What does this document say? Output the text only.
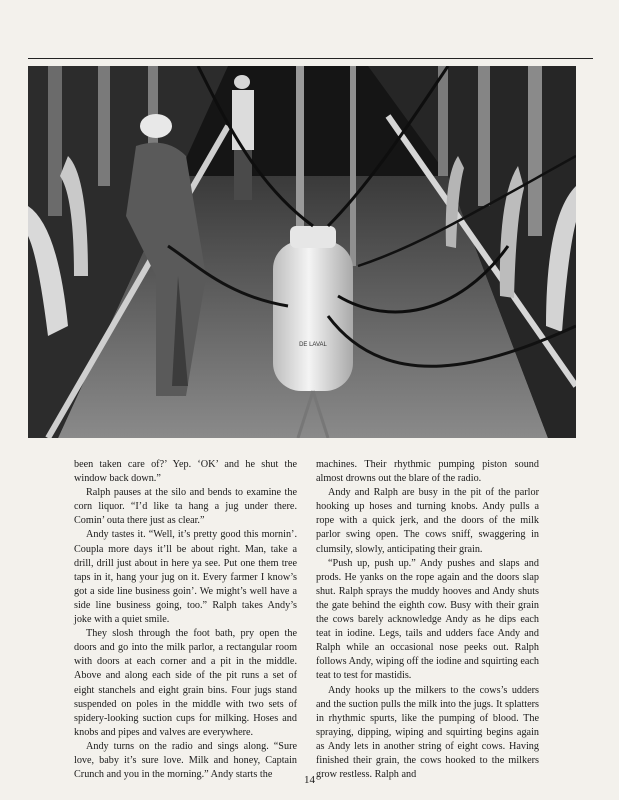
DE LAVAL

been taken care of?’ Yep. ‘OK’ and he shut the window back down.”

Ralph pauses at the silo and bends to examine the corn liquor. “I’d like ta hang a jug under there. Comin’ outa there just as clear.”

Andy tastes it. “Well, it’s pretty good this mornin’. Coupla more days it’ll be about right. Man, take a drill, drill just about in here ya see. Put one them tree taps in it, hang your jug on it. Every farmer I know’s got a side line business goin’. We might’s well have a side line business going, too.” Ralph takes Andy’s joke with a quiet smile.

They slosh through the foot bath, pry open the doors and go into the milk parlor, a rectangular room with doors at each corner and a pit in the middle. Above and along each side of the pit runs a set of eight stanchels and eight grain bins. Four jugs stand suspended on poles in the middle with two sets of spidery-looking suction cups for milking. Hoses and knobs and pipes and valves are everywhere.

Andy turns on the radio and sings along. “Sure love, baby it’s sure love. Milk and honey, Captain Crunch and you in the morning.” Andy starts the

machines. Their rhythmic pumping piston sound almost drowns out the blare of the radio.

Andy and Ralph are busy in the pit of the parlor hooking up hoses and turning knobs. Andy pulls a rope with a quick jerk, and the doors of the milk parlor swing open. The cows sniff, swaggering in clumsily, slowly, anticipating their grain.

“Push up, push up.” Andy pushes and slaps and prods. He yanks on the rope again and the doors slap shut. Ralph sprays the muddy hooves and Andy shuts the gate behind the eighth cow. Busy with their grain the cows barely acknowledge Andy as he dips each teat in iodine. Legs, tails and udders face Andy and Ralph while an occasional nose peeks out. Ralph follows Andy, wiping off the iodine and squirting each teat to test for mastidis.

Andy hooks up the milkers to the cows’s udders and the suction pulls the milk into the jugs. It splatters in rhythmic spurts, like the pumping of blood. The spraying, dipping, wiping and squirting begins again as Andy lets in another string of eight cows. Having finished their grain, the cows hooked to the milkers grow restless. Ralph and

14
